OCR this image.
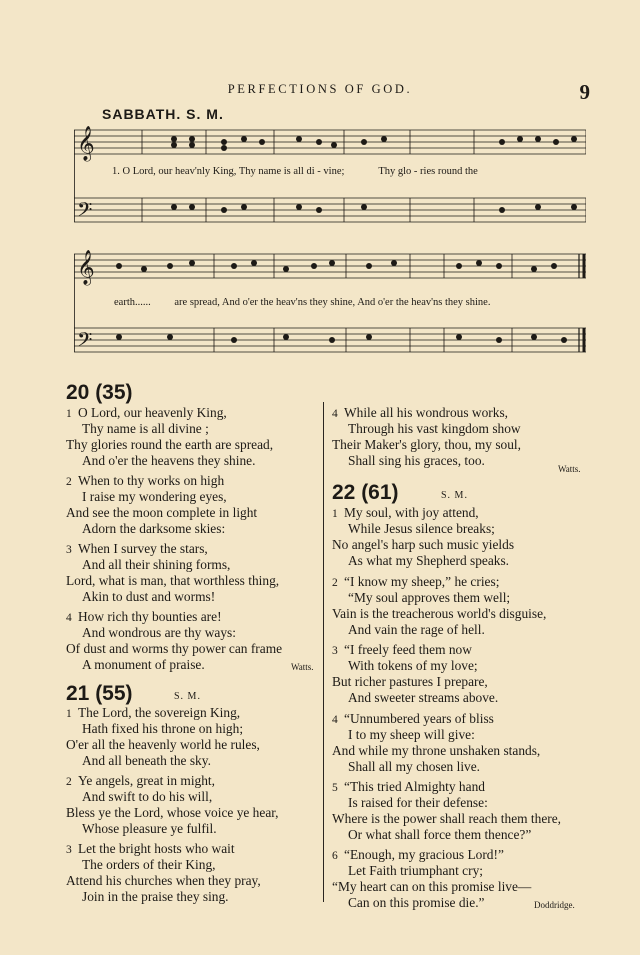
PERFECTIONS OF GOD.	9
SABBATH. S. M.
𝄞
𝄢
1. O Lord, our heav'nly King, Thy name is all di - vine;	Thy glo - ries round the
𝄞
𝄢
earth...... are spread, And o'er the heav'ns they shine, And o'er the heav'ns they shine.
20 (35)
1 O Lord, our heavenly King,
Thy name is all divine ;
Thy glories round the earth are spread,
And o'er the heavens they shine.
2 When to thy works on high
I raise my wondering eyes,
And see the moon complete in light
Adorn the darksome skies:
3 When I survey the stars,
And all their shining forms,
Lord, what is man, that worthless thing,
Akin to dust and worms!
4 How rich thy bounties are!
And wondrous are thy ways:
Of dust and worms thy power can frame
A monument of praise.	Watts.
21 (55)	S. M.
1 The Lord, the sovereign King,
Hath fixed his throne on high;
O'er all the heavenly world he rules,
And all beneath the sky.
2 Ye angels, great in might,
And swift to do his will,
Bless ye the Lord, whose voice ye hear,
Whose pleasure ye fulfil.
3 Let the bright hosts who wait
The orders of their King,
Attend his churches when they pray,
Join in the praise they sing.
4 While all his wondrous works,
Through his vast kingdom show
Their Maker's glory, thou, my soul,
Shall sing his graces, too.
Watts.
22 (61)	S. M.
1 My soul, with joy attend,
While Jesus silence breaks;
No angel's harp such music yields
As what my Shepherd speaks.
2 “I know my sheep,” he cries;
“My soul approves them well;
Vain is the treacherous world's disguise,
And vain the rage of hell.
3 “I freely feed them now
With tokens of my love;
But richer pastures I prepare,
And sweeter streams above.
4 “Unnumbered years of bliss
I to my sheep will give:
And while my throne unshaken stands,
Shall all my chosen live.
5 “This tried Almighty hand
Is raised for their defense:
Where is the power shall reach them there,
Or what shall force them thence?”
6 “Enough, my gracious Lord!”
Let Faith triumphant cry;
“My heart can on this promise live—
Can on this promise die.”	Doddridge.
